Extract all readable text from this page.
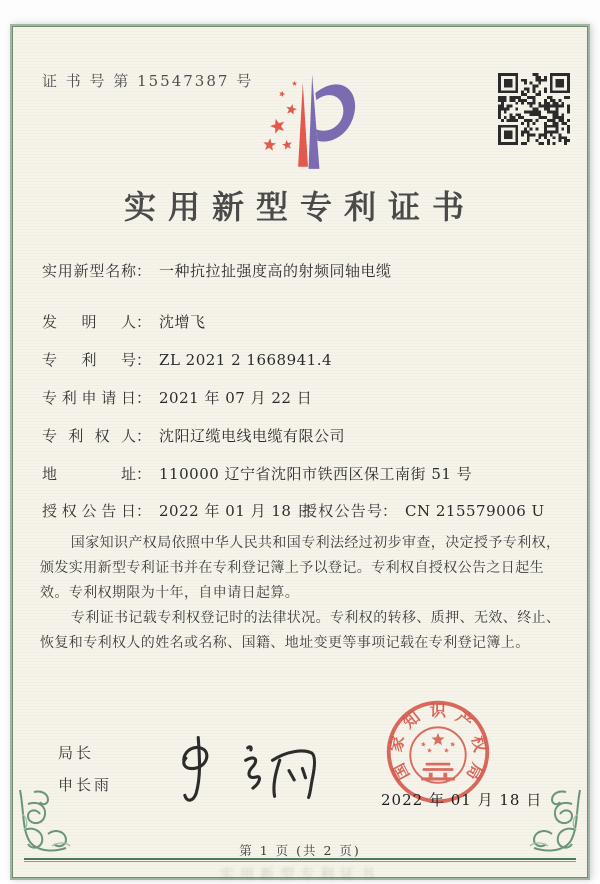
证 书 号 第 15547387 号
实用新型专利证书
实用新型名称： 一种抗拉扯强度高的射频同轴电缆
发明人： 沈增飞
专利号： ZL 2021 2 1668941.4
专利申请日： 2021 年 07 月 22 日
专利权人： 沈阳辽缆电线电缆有限公司
地址： 110000 辽宁省沈阳市铁西区保工南街 51 号
授权公告日： 2022 年 01 月 18 日
授权公告号： CN 215579006 U

国家知识产权局依照中华人民共和国专利法经过初步审查，决定授予专利权，颁发实用新型专利证书并在专利登记簿上予以登记。专利权自授权公告之日起生效。专利权期限为十年，自申请日起算。

专利证书记载专利权登记时的法律状况。专利权的转移、质押、无效、终止、恢复和专利权人的姓名或名称、国籍、地址变更等事项记载在专利登记簿上。

局长
申长雨
国
家
知 识 产
权
局
2022 年 01 月 18 日
第 1 页 (共 2 页)
实用新型专利证书
